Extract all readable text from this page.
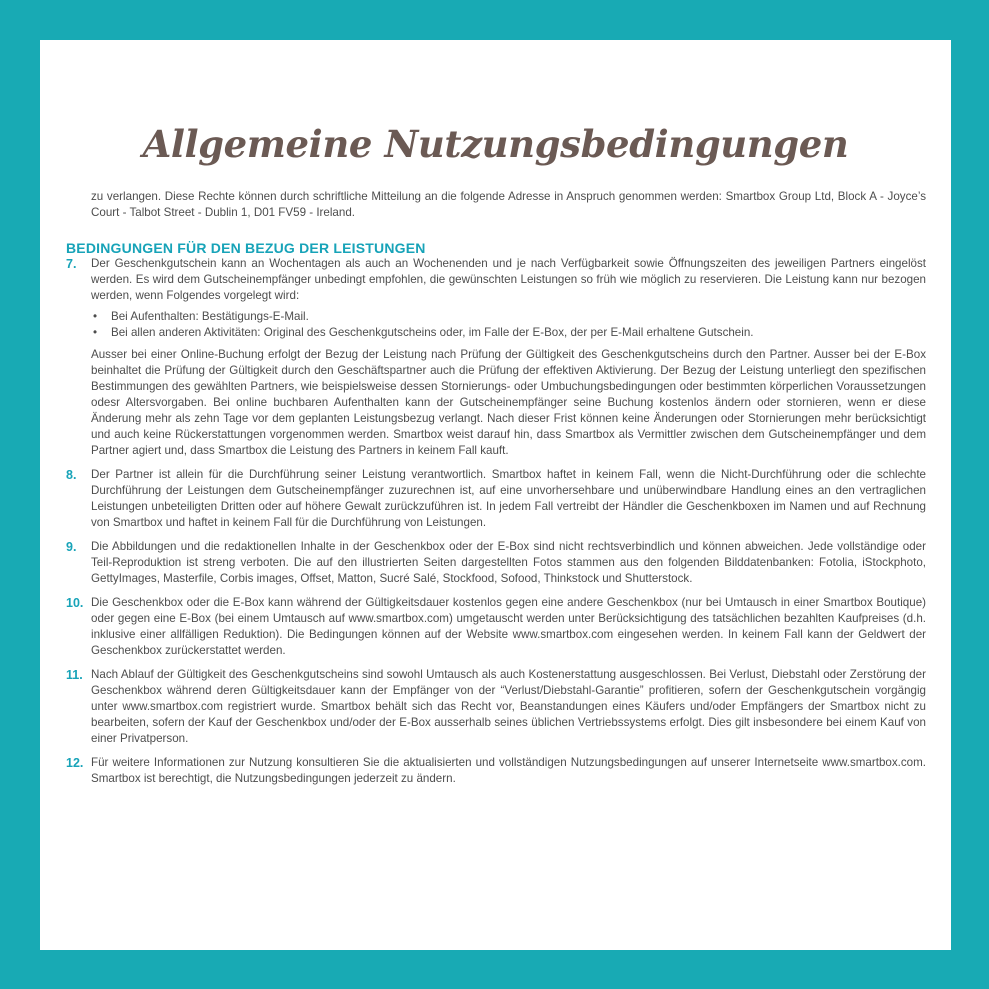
Allgemeine Nutzungsbedingungen

zu verlangen. Diese Rechte können durch schriftliche Mitteilung an die folgende Adresse in Anspruch genommen werden: Smartbox Group Ltd, Block A - Joyce’s Court - Talbot Street - Dublin 1, D01 FV59 - Ireland.

BEDINGUNGEN FÜR DEN BEZUG DER LEISTUNGEN
7. Der Geschenkgutschein kann an Wochentagen als auch an Wochenenden und je nach Verfügbarkeit sowie Öffnungszeiten des jeweiligen Partners eingelöst werden. Es wird dem Gutscheinempfänger unbedingt empfohlen, die gewünschten Leistungen so früh wie möglich zu reservieren. Die Leistung kann nur bezogen werden, wenn Folgendes vorgelegt wird:

• Bei Aufenthalten: Bestätigungs-E-Mail.
• Bei allen anderen Aktivitäten: Original des Geschenkgutscheins oder, im Falle der E-Box, der per E-Mail erhaltene Gutschein.

Ausser bei einer Online-Buchung erfolgt der Bezug der Leistung nach Prüfung der Gültigkeit des Geschenkgutscheins durch den Partner. Ausser bei der E-Box beinhaltet die Prüfung der Gültigkeit durch den Geschäftspartner auch die Prüfung der effektiven Aktivierung. Der Bezug der Leistung unterliegt den spezifischen Bestimmungen des gewählten Partners, wie beispielsweise dessen Stornierungs- oder Umbuchungsbedingungen oder bestimmten körperlichen Voraussetzungen odesr Altersvorgaben. Bei online buchbaren Aufenthalten kann der Gutscheinempfänger seine Buchung kostenlos ändern oder stornieren, wenn er diese Änderung mehr als zehn Tage vor dem geplanten Leistungsbezug verlangt. Nach dieser Frist können keine Änderungen oder Stornierungen mehr berücksichtigt und auch keine Rückerstattungen vorgenommen werden. Smartbox weist darauf hin, dass Smartbox als Vermittler zwischen dem Gutscheinempfänger und dem Partner agiert und, dass Smartbox die Leistung des Partners in keinem Fall kauft.

8. Der Partner ist allein für die Durchführung seiner Leistung verantwortlich. Smartbox haftet in keinem Fall, wenn die Nicht-Durchführung oder die schlechte Durchführung der Leistungen dem Gutscheinempfänger zuzurechnen ist, auf eine unvorhersehbare und unüberwindbare Handlung eines an den vertraglichen Leistungen unbeteiligten Dritten oder auf höhere Gewalt zurückzuführen ist. In jedem Fall vertreibt der Händler die Geschenkboxen im Namen und auf Rechnung von Smartbox und haftet in keinem Fall für die Durchführung von Leistungen.

9. Die Abbildungen und die redaktionellen Inhalte in der Geschenkbox oder der E-Box sind nicht rechtsverbindlich und können abweichen. Jede vollständige oder Teil-Reproduktion ist streng verboten. Die auf den illustrierten Seiten dargestellten Fotos stammen aus den folgenden Bilddatenbanken: Fotolia, iStockphoto, GettyImages, Masterfile, Corbis images, Offset, Matton, Sucré Salé, Stockfood, Sofood, Thinkstock und Shutterstock.

10. Die Geschenkbox oder die E-Box kann während der Gültigkeitsdauer kostenlos gegen eine andere Geschenkbox (nur bei Umtausch in einer Smartbox Boutique) oder gegen eine E-Box (bei einem Umtausch auf www.smartbox.com) umgetauscht werden unter Berücksichtigung des tatsächlichen bezahlten Kaufpreises (d.h. inklusive einer allfälligen Reduktion). Die Bedingungen können auf der Website www.smartbox.com eingesehen werden. In keinem Fall kann der Geldwert der Geschenkbox zurückerstattet werden.

11. Nach Ablauf der Gültigkeit des Geschenkgutscheins sind sowohl Umtausch als auch Kostenerstattung ausgeschlossen. Bei Verlust, Diebstahl oder Zerstörung der Geschenkbox während deren Gültigkeitsdauer kann der Empfänger von der “Verlust/Diebstahl-Garantie” profitieren, sofern der Geschenkgutschein vorgängig unter www.smartbox.com registriert wurde. Smartbox behält sich das Recht vor, Beanstandungen eines Käufers und/oder Empfängers der Smartbox nicht zu bearbeiten, sofern der Kauf der Geschenkbox und/oder der E-Box ausserhalb seines üblichen Vertriebssystems erfolgt. Dies gilt insbesondere bei einem Kauf von einer Privatperson.

12. Für weitere Informationen zur Nutzung konsultieren Sie die aktualisierten und vollständigen Nutzungsbedingungen auf unserer Internetseite www.smartbox.com. Smartbox ist berechtigt, die Nutzungsbedingungen jederzeit zu ändern.
